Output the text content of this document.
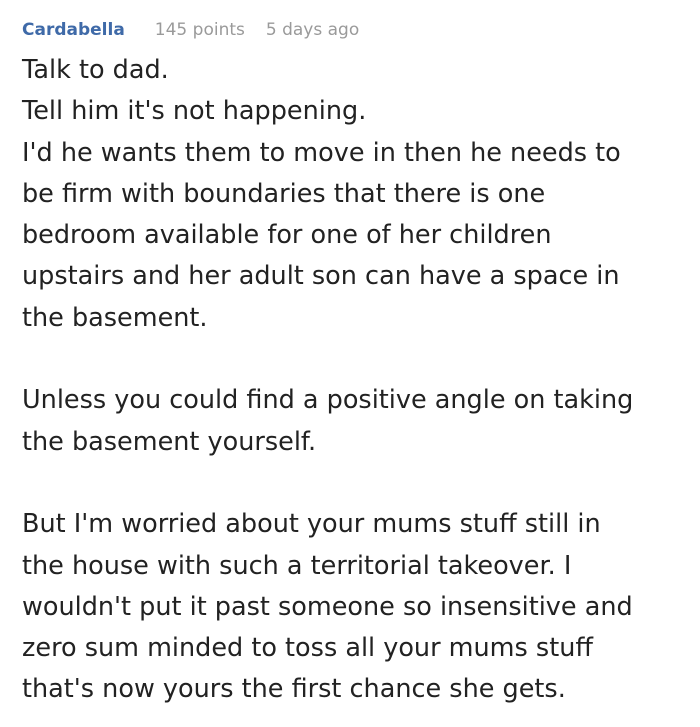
Cardabella 145 points 5 days ago

Talk to dad.
Tell him it's not happening.
I'd he wants them to move in then he needs to
be firm with boundaries that there is one
bedroom available for one of her children
upstairs and her adult son can have a space in
the basement.

Unless you could find a positive angle on taking
the basement yourself.

But I'm worried about your mums stuff still in
the house with such a territorial takeover. I
wouldn't put it past someone so insensitive and
zero sum minded to toss all your mums stuff
that's now yours the first chance she gets.
